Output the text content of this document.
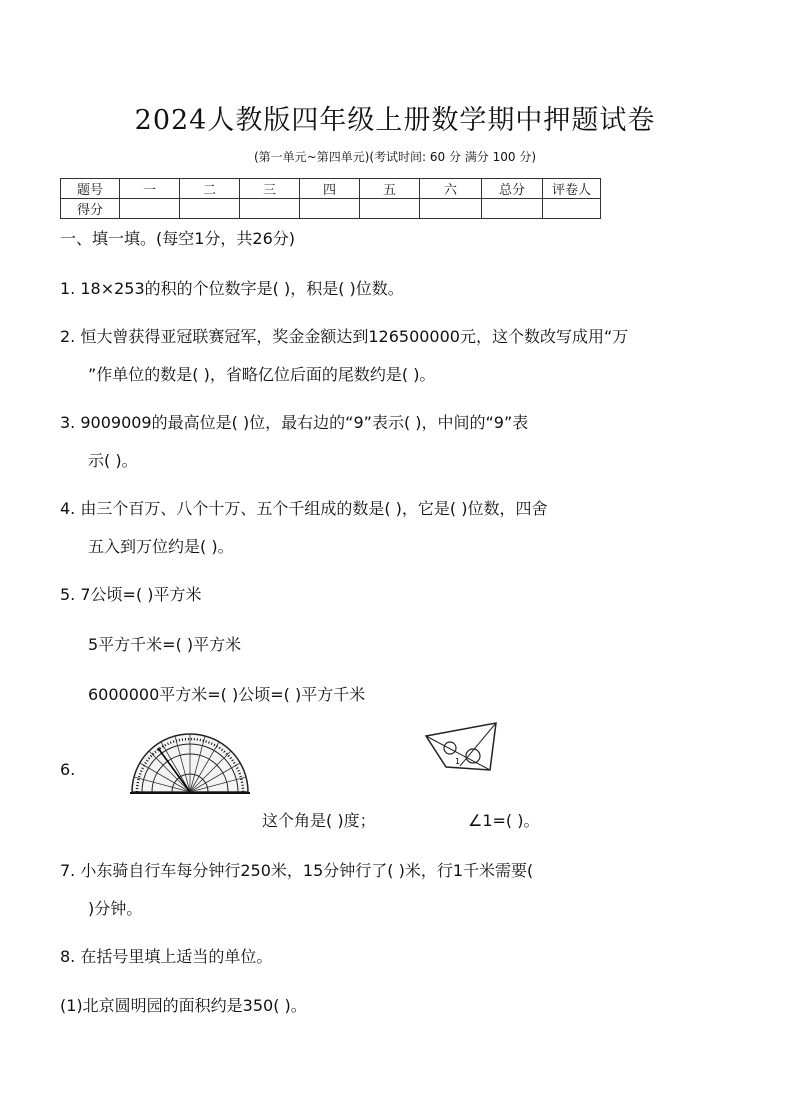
2024人教版四年级上册数学期中押题试卷
(第一单元~第四单元)(考试时间: 60 分 满分 100 分)
题号	一	二	三	四	五	六	总分	评卷人
得分								
一、填一填。(每空1分，共26分)
1. 18×253的积的个位数字是( )，积是( )位数。
2. 恒大曾获得亚冠联赛冠军，奖金金额达到126500000元，这个数改写成用“万
”作单位的数是( )，省略亿位后面的尾数约是( )。
3. 9009009的最高位是( )位，最右边的“9”表示( )，中间的“9”表
示( )。
4. 由三个百万、八个十万、五个千组成的数是( )，它是( )位数，四舍
五入到万位约是( )。
5. 7公顷=( )平方米
5平方千米=( )平方米
6000000平方米=( )公顷=( )平方千米
6.	1
这个角是( )度；	∠1=( )。
7. 小东骑自行车每分钟行250米，15分钟行了( )米，行1千米需要(
)分钟。
8. 在括号里填上适当的单位。
(1)北京圆明园的面积约是350( )。
